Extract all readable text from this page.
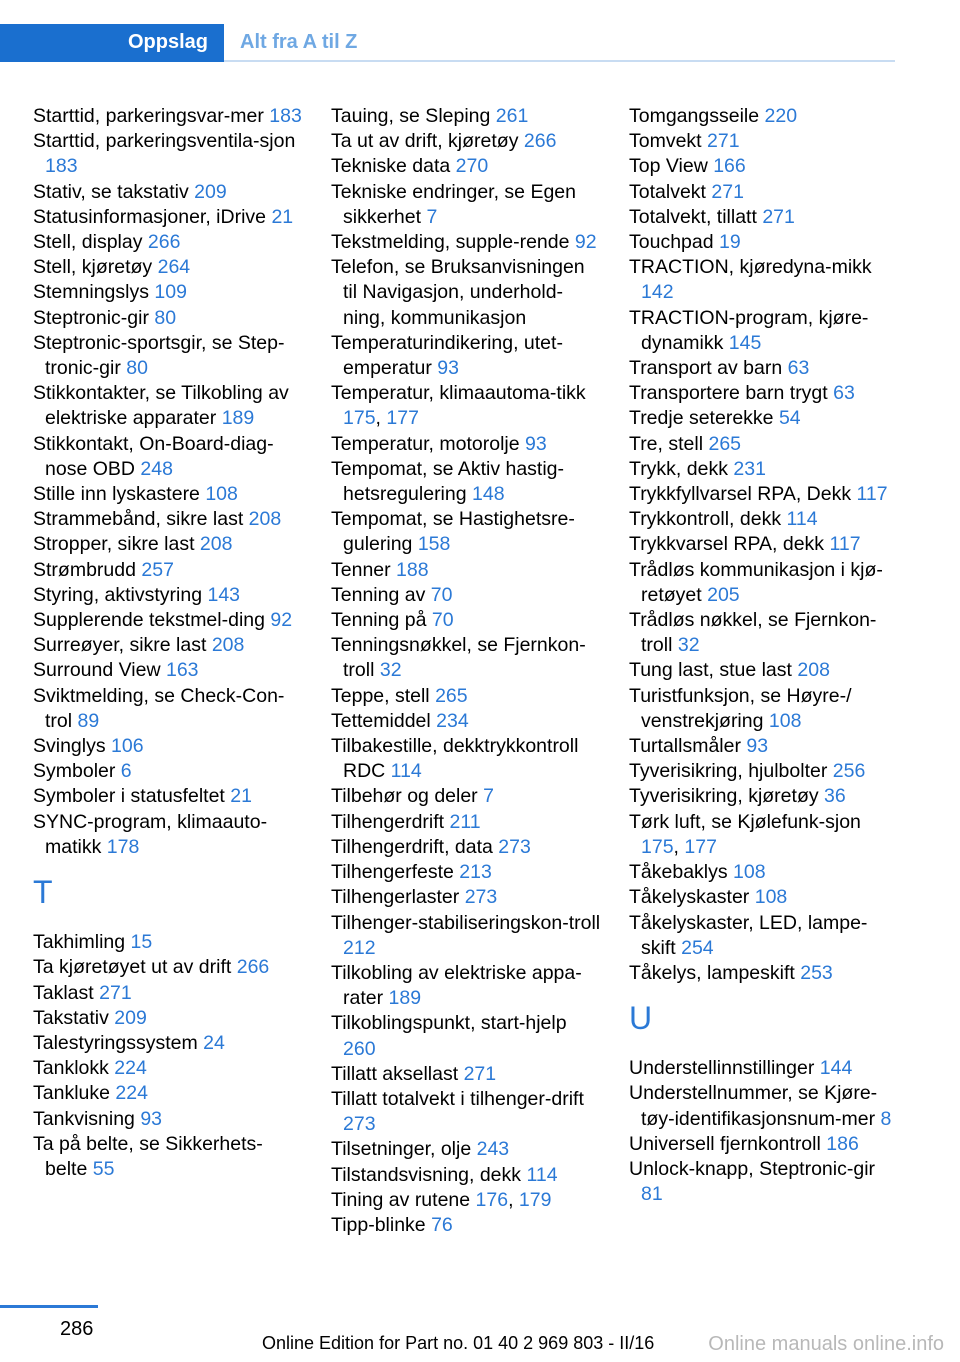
Oppslag Alt fra A til Z
Starttid, parkeringsvar-mer 183
Starttid, parkeringsventila-sjon 183
Stativ, se takstativ 209
Statusinformasjoner, iDrive 21
Stell, display 266
Stell, kjøretøy 264
Stemningslys 109
Steptronic-gir 80
Steptronic-sportsgir, se Step-tronic-gir 80
Stikkontakter, se Tilkobling av elektriske apparater 189
Stikkontakt, On-Board-diag-nose OBD 248
Stille inn lyskastere 108
Strammebånd, sikre last 208
Stropper, sikre last 208
Strømbrudd 257
Styring, aktivstyring 143
Supplerende tekstmel-ding 92
Surreøyer, sikre last 208
Surround View 163
Sviktmelding, se Check-Con-trol 89
Svinglys 106
Symboler 6
Symboler i statusfeltet 21
SYNC-program, klimaauto-matikk 178
T
Takhimling 15
Ta kjøretøyet ut av drift 266
Taklast 271
Takstativ 209
Talestyringssystem 24
Tanklokk 224
Tankluke 224
Tankvisning 93
Ta på belte, se Sikkerhets-belte 55
Tauing, se Sleping 261
Ta ut av drift, kjøretøy 266
Tekniske data 270
Tekniske endringer, se Egen sikkerhet 7
Tekstmelding, supple-rende 92
Telefon, se Bruksanvisningen til Navigasjon, underhold-ning, kommunikasjon
Temperaturindikering, utet-emperatur 93
Temperatur, klimaautoma-tikk 175, 177
Temperatur, motorolje 93
Tempomat, se Aktiv hastig-hetsregulering 148
Tempomat, se Hastighetsre-gulering 158
Tenner 188
Tenning av 70
Tenning på 70
Tenningsnøkkel, se Fjernkon-troll 32
Teppe, stell 265
Tettemiddel 234
Tilbakestille, dekktrykkontroll RDC 114
Tilbehør og deler 7
Tilhengerdrift 211
Tilhengerdrift, data 273
Tilhengerfeste 213
Tilhengerlaster 273
Tilhenger-stabiliseringskon-troll 212
Tilkobling av elektriske appa-rater 189
Tilkoblingspunkt, start-hjelp 260
Tillatt aksellast 271
Tillatt totalvekt i tilhenger-drift 273
Tilsetninger, olje 243
Tilstandsvisning, dekk 114
Tining av rutene 176, 179
Tipp-blinke 76
Tomgangsseile 220
Tomvekt 271
Top View 166
Totalvekt 271
Totalvekt, tillatt 271
Touchpad 19
TRACTION, kjøredyna-mikk 142
TRACTION-program, kjøre-dynamikk 145
Transport av barn 63
Transportere barn trygt 63
Tredje seterekke 54
Tre, stell 265
Trykk, dekk 231
Trykkfyllvarsel RPA, Dekk 117
Trykkontroll, dekk 114
Trykkvarsel RPA, dekk 117
Trådløs kommunikasjon i kjø-retøyet 205
Trådløs nøkkel, se Fjernkon-troll 32
Tung last, stue last 208
Turistfunksjon, se Høyre-/ venstrekjøring 108
Turtallsmåler 93
Tyverisikring, hjulbolter 256
Tyverisikring, kjøretøy 36
Tørk luft, se Kjølefunk-sjon 175, 177
Tåkebaklys 108
Tåkelyskaster 108
Tåkelyskaster, LED, lampe-skift 254
Tåkelys, lampeskift 253
U
Understellinnstillinger 144
Understellnummer, se Kjøre-tøy-identifikasjonsnum-mer 8
Universell fjernkontroll 186
Unlock-knapp, Steptronic-gir 81
286
Online Edition for Part no. 01 40 2 969 803 - II/16	Online manuals online.info
